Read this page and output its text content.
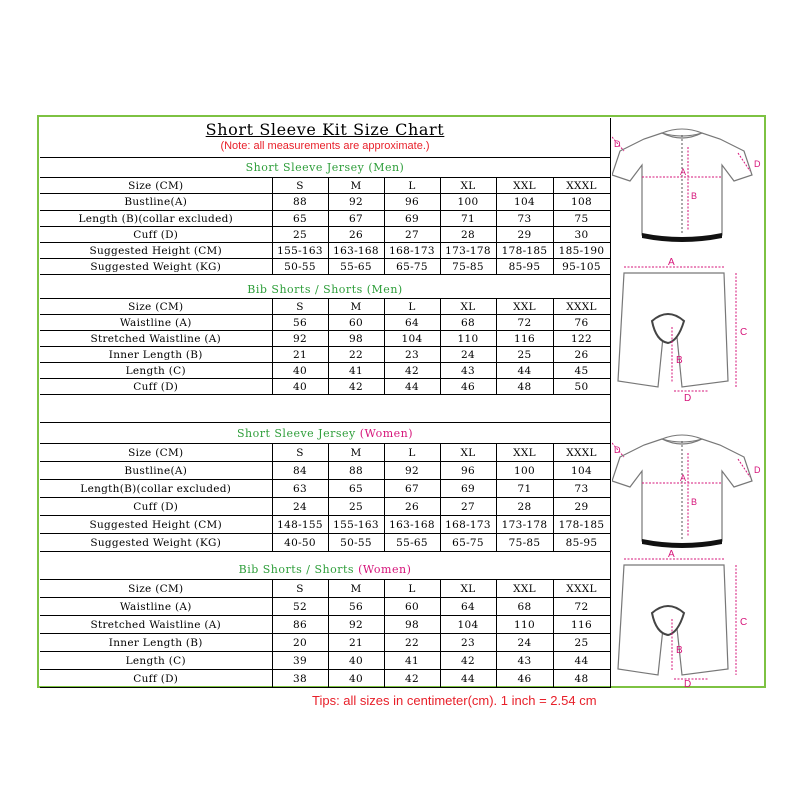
Short Sleeve Kit Size Chart
(Note: all measurements are approximate.)
Short Sleeve Jersey (Men)
Size (CM)	S	M	L	XL	XXL	XXXL
Bustline(A)	88	92	96	100	104	108
Length (B)(collar excluded)	65	67	69	71	73	75
Cuff (D)	25	26	27	28	29	30
Suggested Height (CM)	155-163	163-168	168-173	173-178	178-185	185-190
Suggested Weight (KG)	50-55	55-65	65-75	75-85	85-95	95-105
Bib Shorts / Shorts (Men)
Size (CM)	S	M	L	XL	XXL	XXXL
Waistline (A)	56	60	64	68	72	76
Stretched Waistline (A)	92	98	104	110	116	122
Inner Length (B)	21	22	23	24	25	26
Length (C)	40	41	42	43	44	45
Cuff (D)	40	42	44	46	48	50
Short Sleeve Jersey (Women)
Size (CM)	S	M	L	XL	XXL	XXXL
Bustline(A)	84	88	92	96	100	104
Length(B)(collar excluded)	63	65	67	69	71	73
Cuff (D)	24	25	26	27	28	29
Suggested Height (CM)	148-155	155-163	163-168	168-173	173-178	178-185
Suggested Weight (KG)	40-50	50-55	55-65	65-75	75-85	85-95
Bib Shorts / Shorts (Women)
Size (CM)	S	M	L	XL	XXL	XXXL
Waistline (A)	52	56	60	64	68	72
Stretched Waistline (A)	86	92	98	104	110	116
Inner Length (B)	20	21	22	23	24	25
Length (C)	39	40	41	42	43	44
Cuff (D)	38	40	42	44	46	48
D
A
B
D
A
C
B
D
D
A
B
D
A
C
B
D
Tips: all sizes in centimeter(cm). 1 inch = 2.54 cm
